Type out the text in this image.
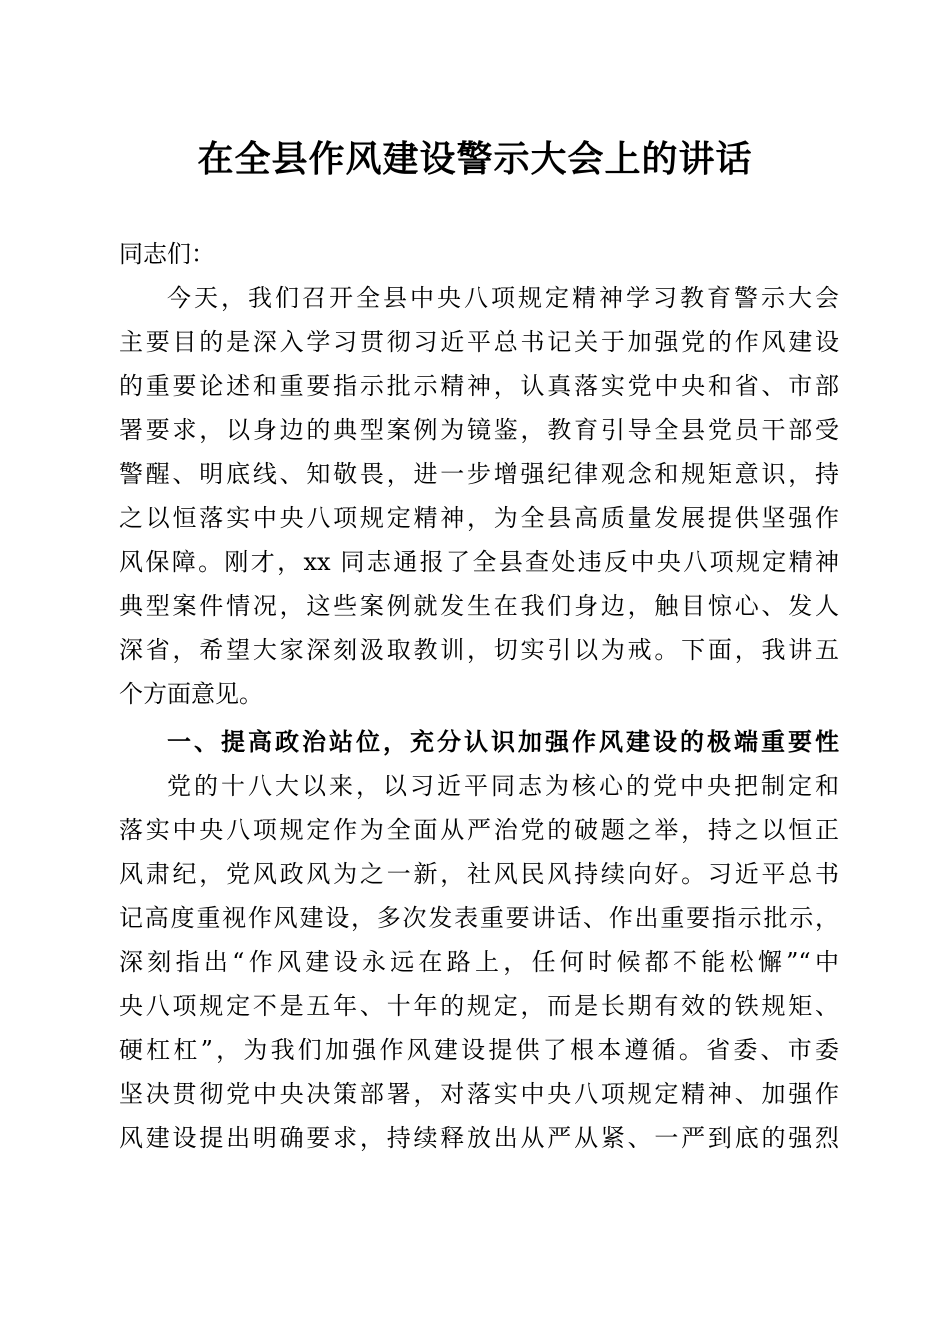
在全县作风建设警示大会上的讲话
同志们：
今天，我们召开全县中央八项规定精神学习教育警示大会
主要目的是深入学习贯彻习近平总书记关于加强党的作风建设
的重要论述和重要指示批示精神，认真落实党中央和省、市部
署要求，以身边的典型案例为镜鉴，教育引导全县党员干部受
警醒、明底线、知敬畏，进一步增强纪律观念和规矩意识，持
之以恒落实中央八项规定精神，为全县高质量发展提供坚强作
风保障。刚才，xx 同志通报了全县查处违反中央八项规定精神
典型案件情况，这些案例就发生在我们身边，触目惊心、发人
深省，希望大家深刻汲取教训，切实引以为戒。下面，我讲五
个方面意见。
一、提高政治站位，充分认识加强作风建设的极端重要性
党的十八大以来，以习近平同志为核心的党中央把制定和
落实中央八项规定作为全面从严治党的破题之举，持之以恒正
风肃纪，党风政风为之一新，社风民风持续向好。习近平总书
记高度重视作风建设，多次发表重要讲话、作出重要指示批示，
深刻指出“作风建设永远在路上，任何时候都不能松懈”“中
央八项规定不是五年、十年的规定，而是长期有效的铁规矩、
硬杠杠”，为我们加强作风建设提供了根本遵循。省委、市委
坚决贯彻党中央决策部署，对落实中央八项规定精神、加强作
风建设提出明确要求，持续释放出从严从紧、一严到底的强烈
